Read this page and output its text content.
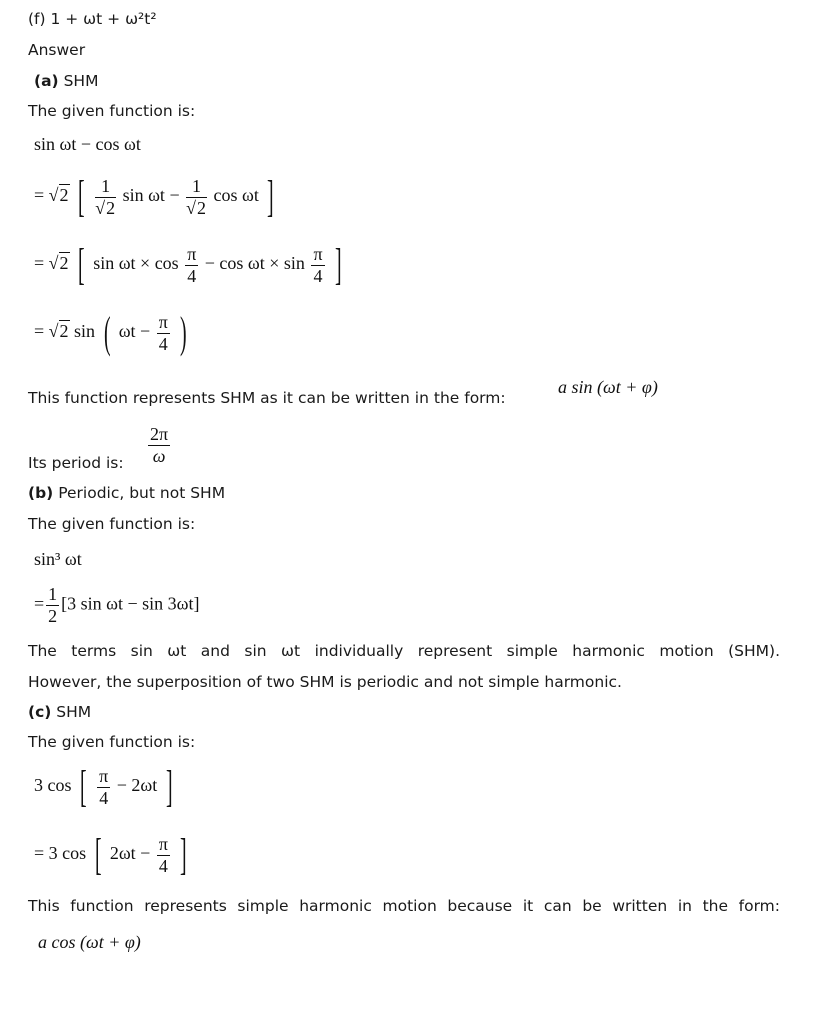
(f) 1 + ωt + ω²t²
Answer
(a) SHM
The given function is:
sin ωt − cos ωt
= √2 [ $\frac{1}{√2}$ $\sin \omega t - \frac{1}{√2}$ cos ωt ]
= √2 [ $\sin \omega t \times \cos \frac{\pi}{4} - \cos \omega t \times \sin \frac{\pi}{4}$ ]
= √2 sin ( $\omega t - \frac{\pi}{4}$ )
This function represents SHM as it can be written in the form:
a sin (ωt + φ)
Its period is: $\frac{2\pi}{\omega}$
(b) Periodic, but not SHM
The given function is:
sin³ ωt
= $\frac{1}{2} [3$ sin ωt − sin 3ωt]
The terms sin ωt and sin ωt individually represent simple harmonic motion (SHM).
However, the superposition of two SHM is periodic and not simple harmonic.
(c) SHM
The given function is:
3 cos [ $\frac{\pi}{4} - 2\omega t$ ]
= 3 cos [ $2\omega t - \frac{\pi}{4}$ ]
This function represents simple harmonic motion because it can be written in the form:
a cos (ωt + φ)
